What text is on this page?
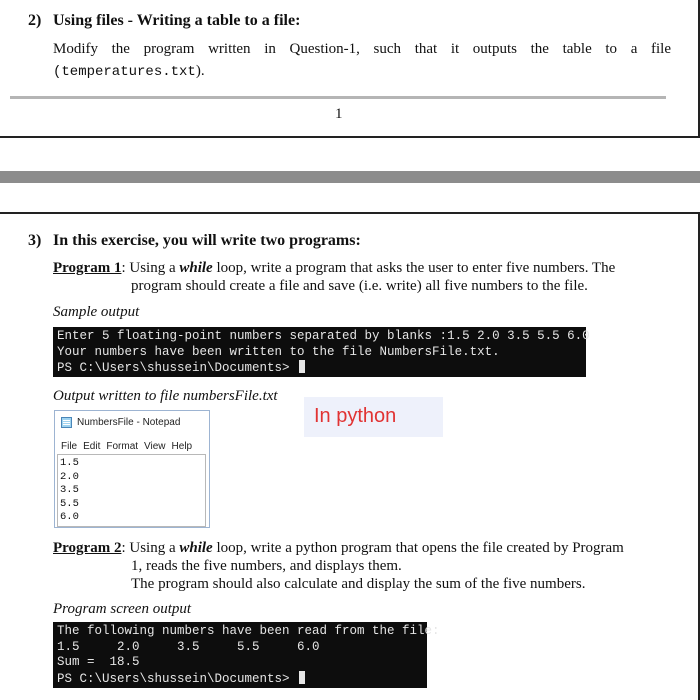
2) Using files - Writing a table to a file:
Modify the program written in Question-1, such that it outputs the table to a file
(temperatures.txt).
1
3) In this exercise, you will write two programs:
Program 1: Using a while loop, write a program that asks the user to enter five numbers. The
program should create a file and save (i.e. write) all five numbers to the file.
Sample output
Enter 5 floating-point numbers separated by blanks :1.5 2.0 3.5 5.5 6.0
Your numbers have been written to the file NumbersFile.txt.
PS C:\Users\shussein\Documents>
Output written to file numbersFile.txt
In python
NumbersFile - Notepad
File Edit Format View Help
1.5
2.0
3.5
5.5
6.0
Program 2: Using a while loop, write a python program that opens the file created by Program
1, reads the five numbers, and displays them.
The program should also calculate and display the sum of the five numbers.
Program screen output
The following numbers have been read from the file:
1.5     2.0     3.5     5.5     6.0
Sum =  18.5
PS C:\Users\shussein\Documents>
